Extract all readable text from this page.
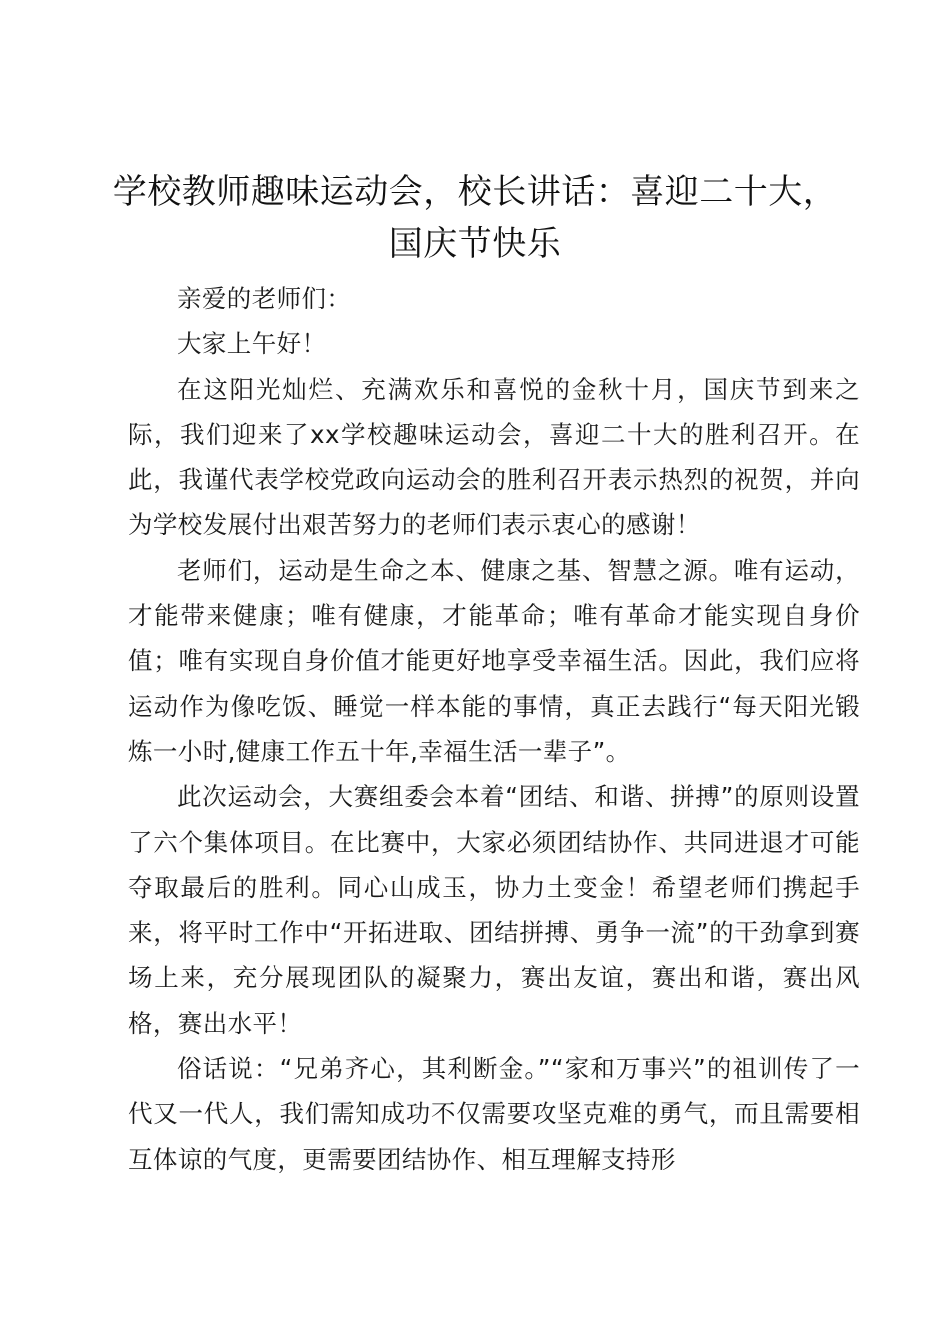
学校教师趣味运动会，校长讲话：喜迎二十大，国庆节快乐

亲爱的老师们：

大家上午好！

在这阳光灿烂、充满欢乐和喜悦的金秋十月，国庆节到来之际，我们迎来了xx学校趣味运动会，喜迎二十大的胜利召开。在此，我谨代表学校党政向运动会的胜利召开表示热烈的祝贺，并向为学校发展付出艰苦努力的老师们表示衷心的感谢！

老师们，运动是生命之本、健康之基、智慧之源。唯有运动，才能带来健康；唯有健康，才能革命；唯有革命才能实现自身价值；唯有实现自身价值才能更好地享受幸福生活。因此，我们应将运动作为像吃饭、睡觉一样本能的事情，真正去践行“每天阳光锻炼一小时,健康工作五十年,幸福生活一辈子”。

此次运动会，大赛组委会本着“团结、和谐、拼搏”的原则设置了六个集体项目。在比赛中，大家必须团结协作、共同进退才可能夺取最后的胜利。同心山成玉，协力土变金！希望老师们携起手来，将平时工作中“开拓进取、团结拼搏、勇争一流”的干劲拿到赛场上来，充分展现团队的凝聚力，赛出友谊，赛出和谐，赛出风格，赛出水平！

俗话说：“兄弟齐心，其利断金。”“家和万事兴”的祖训传了一代又一代人，我们需知成功不仅需要攻坚克难的勇气，而且需要相互体谅的气度，更需要团结协作、相互理解支持形
